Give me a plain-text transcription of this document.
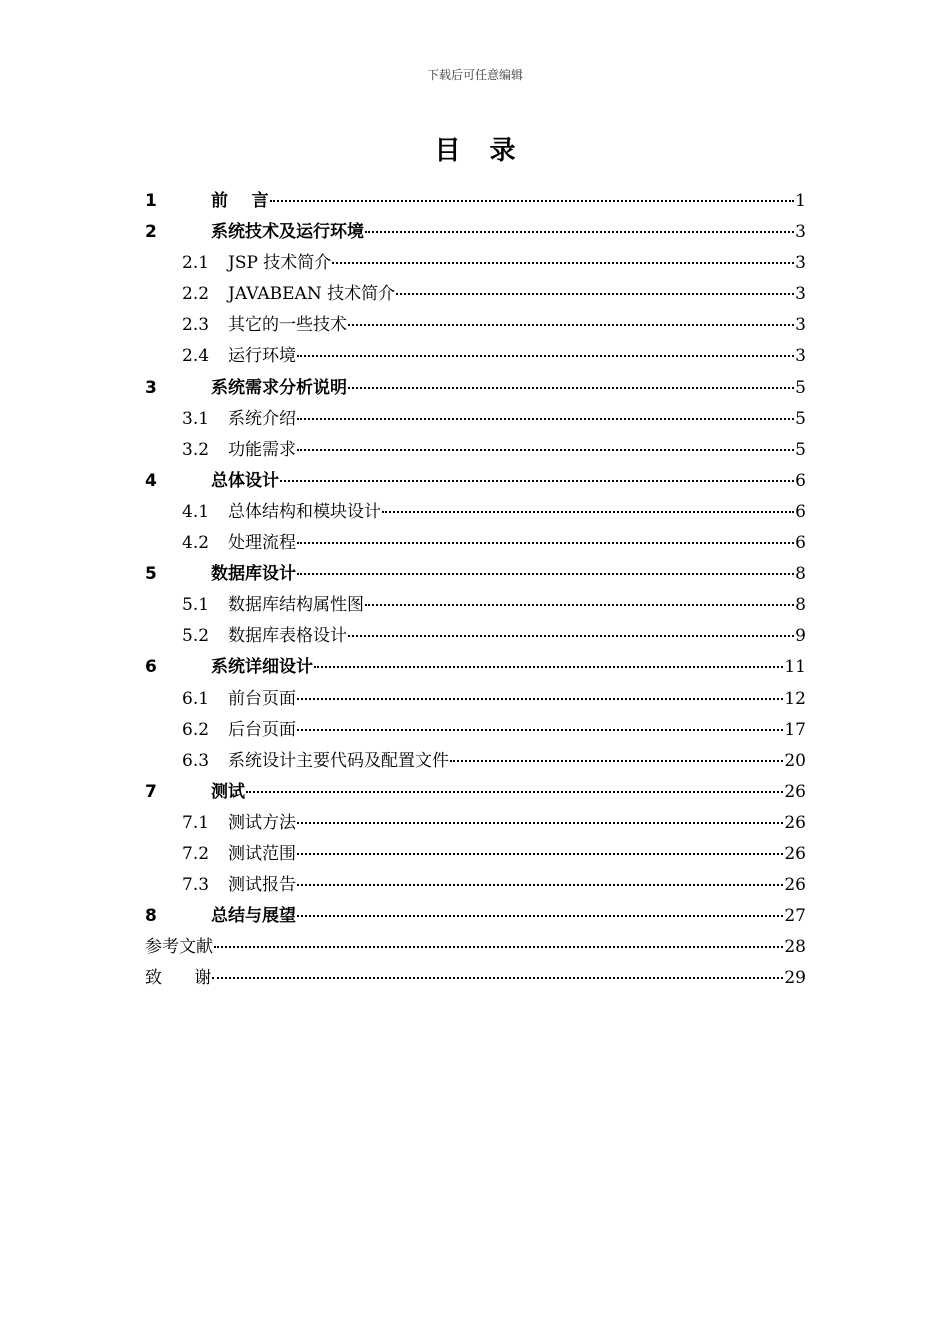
下载后可任意编辑
目 录
1	前    言	1
2	系统技术及运行环境	3
2.1	JSP 技术简介	3
2.2	JAVABEAN 技术简介	3
2.3	其它的一些技术	3
2.4	运行环境	3
3	系统需求分析说明	5
3.1	系统介绍	5
3.2	功能需求	5
4	总体设计	6
4.1	总体结构和模块设计	6
4.2	处理流程	6
5	数据库设计	8
5.1	数据库结构属性图	8
5.2	数据库表格设计	9
6	系统详细设计	11
6.1	前台页面	12
6.2	后台页面	17
6.3	系统设计主要代码及配置文件	20
7	测试	26
7.1	测试方法	26
7.2	测试范围	26
7.3	测试报告	26
8	总结与展望	27
参考文献	28
致      谢	29
